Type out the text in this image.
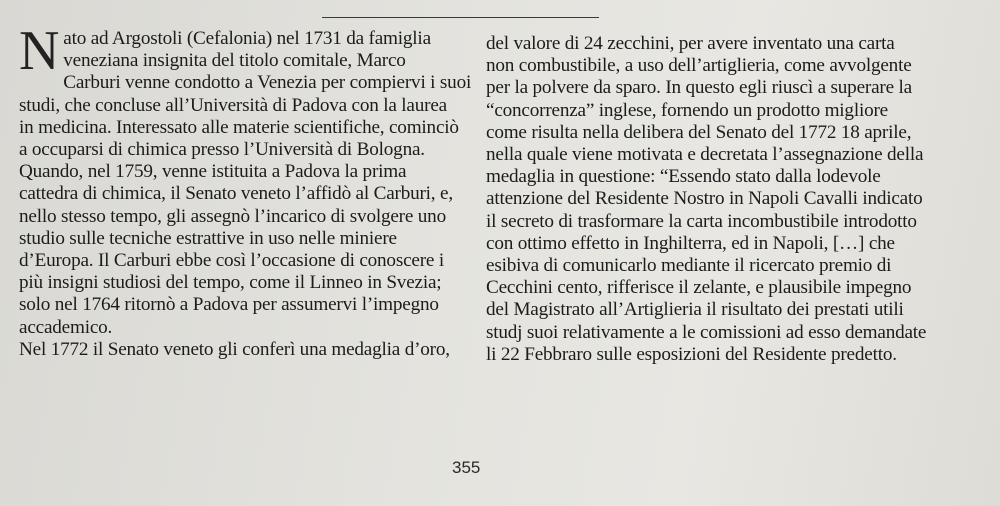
N ato ad Argostoli (Cefalonia) nel 1731 da famiglia
veneziana insignita del titolo comitale, Marco
Carburi venne condotto a Venezia per compiervi i suoi
studi, che concluse all’Università di Padova con la laurea
in medicina. Interessato alle materie scientifiche, cominciò
a occuparsi di chimica presso l’Università di Bologna.
Quando, nel 1759, venne istituita a Padova la prima
cattedra di chimica, il Senato veneto l’affidò al Carburi, e,
nello stesso tempo, gli assegnò l’incarico di svolgere uno
studio sulle tecniche estrattive in uso nelle miniere
d’Europa. Il Carburi ebbe così l’occasione di conoscere i
più insigni studiosi del tempo, come il Linneo in Svezia;
solo nel 1764 ritornò a Padova per assumervi l’impegno
accademico.
Nel 1772 il Senato veneto gli conferì una medaglia d’oro,
del valore di 24 zecchini, per avere inventato una carta
non combustibile, a uso dell’artiglieria, come avvolgente
per la polvere da sparo. In questo egli riuscì a superare la
“concorrenza” inglese, fornendo un prodotto migliore
come risulta nella delibera del Senato del 1772 18 aprile,
nella quale viene motivata e decretata l’assegnazione della
medaglia in questione: “Essendo stato dalla lodevole
attenzione del Residente Nostro in Napoli Cavalli indicato
il secreto di trasformare la carta incombustibile introdotto
con ottimo effetto in Inghilterra, ed in Napoli, […] che
esibiva di comunicarlo mediante il ricercato premio di
Cecchini cento, rifferisce il zelante, e plausibile impegno
del Magistrato all’Artiglieria il risultato dei prestati utili
studj suoi relativamente a le comissioni ad esso demandate
li 22 Febbraro sulle esposizioni del Residente predetto.
355
